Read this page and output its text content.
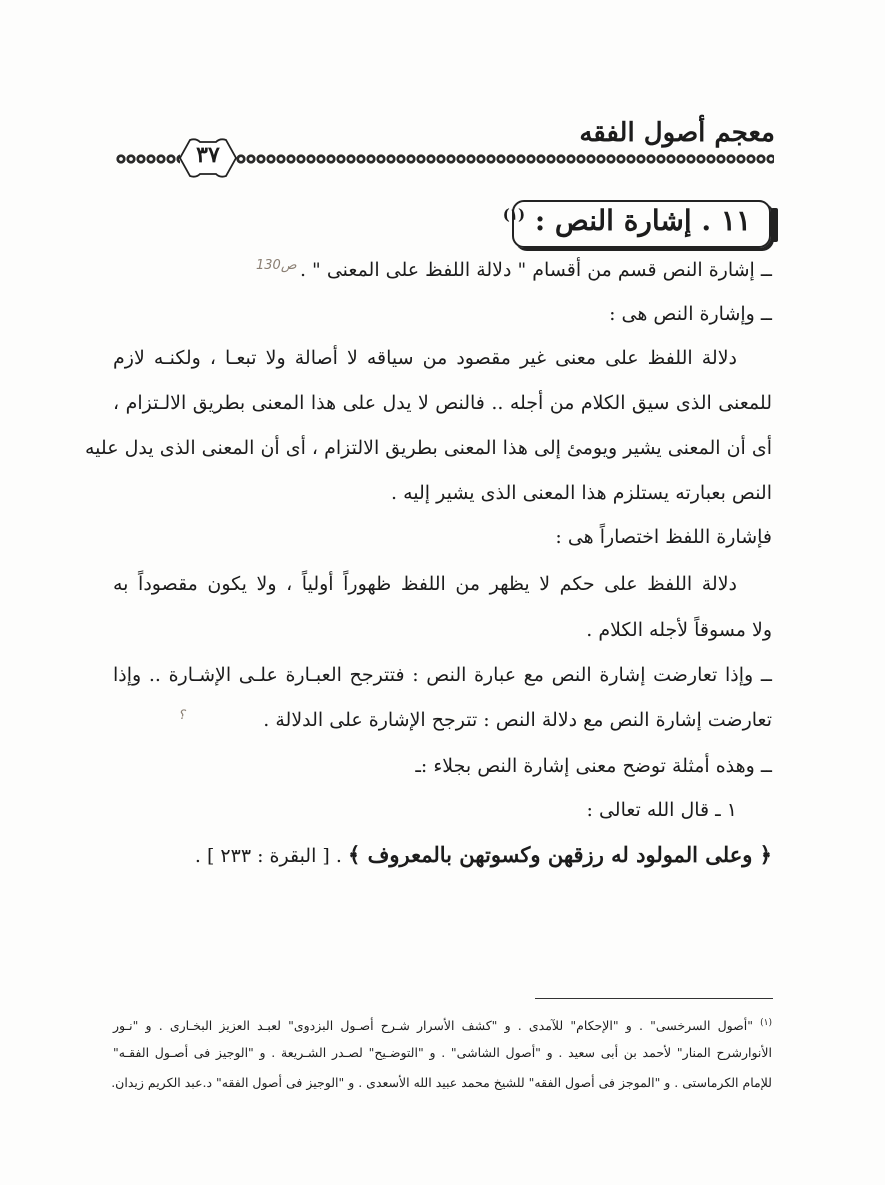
معجم أصول الفقه
٣٧
١١ . إشارة النص : $^{(١)}$
ــ إشارة النص قسم من أقسام " دلالة اللفظ على المعنى " .
130ص
ــ وإشارة النص هى :
دلالة اللفظ على معنى غير مقصود من سياقه لا أصالة ولا تبعـا ، ولكنـه لازم
للمعنى الذى سيق الكلام من أجله .. فالنص لا يدل على هذا المعنى بطريق الالـتزام ،
أى أن المعنى يشير ويومئ إلى هذا المعنى بطريق الالتزام ، أى أن المعنى الذى يدل عليه
النص بعبارته يستلزم هذا المعنى الذى يشير إليه .
فإشارة اللفظ اختصاراً هى :
دلالة اللفظ على حكم لا يظهر من اللفظ ظهوراً أولياً ، ولا يكون مقصوداً به
ولا مسوقاً لأجله الكلام .
ــ وإذا تعارضت إشارة النص مع عبارة النص : فتترجح العبـارة علـى الإشـارة .. وإذا
تعارضت إشارة النص مع دلالة النص : تترجح الإشارة على الدلالة .
؟
ــ وهذه أمثلة توضح معنى إشارة النص بجلاء :ـ
١ ـ قال الله تعالى :
﴿ وعلى المولود له رزقهن وكسوتهن بالمعروف ﴾ . [ البقرة : ٢٣٣ ] .
$^{(١)}$ "أصول السرخسى" . و "الإحكام" للآمدى . و "كشف الأسرار شـرح أصـول البزدوى" لعبـد العزيز البخـارى . و "نـور
الأنوارشرح المنار" لأحمد بن أبى سعيد . و "أصول الشاشى" . و "التوضـيح" لصـدر الشـريعة . و "الوجيز فى أصـول الفقـه"
للإمام الكرماستى . و "الموجز فى أصول الفقه" للشيخ محمد عبيد الله الأسعدى . و "الوجيز فى أصول الفقه" د.عبد الكريم زيدان.
